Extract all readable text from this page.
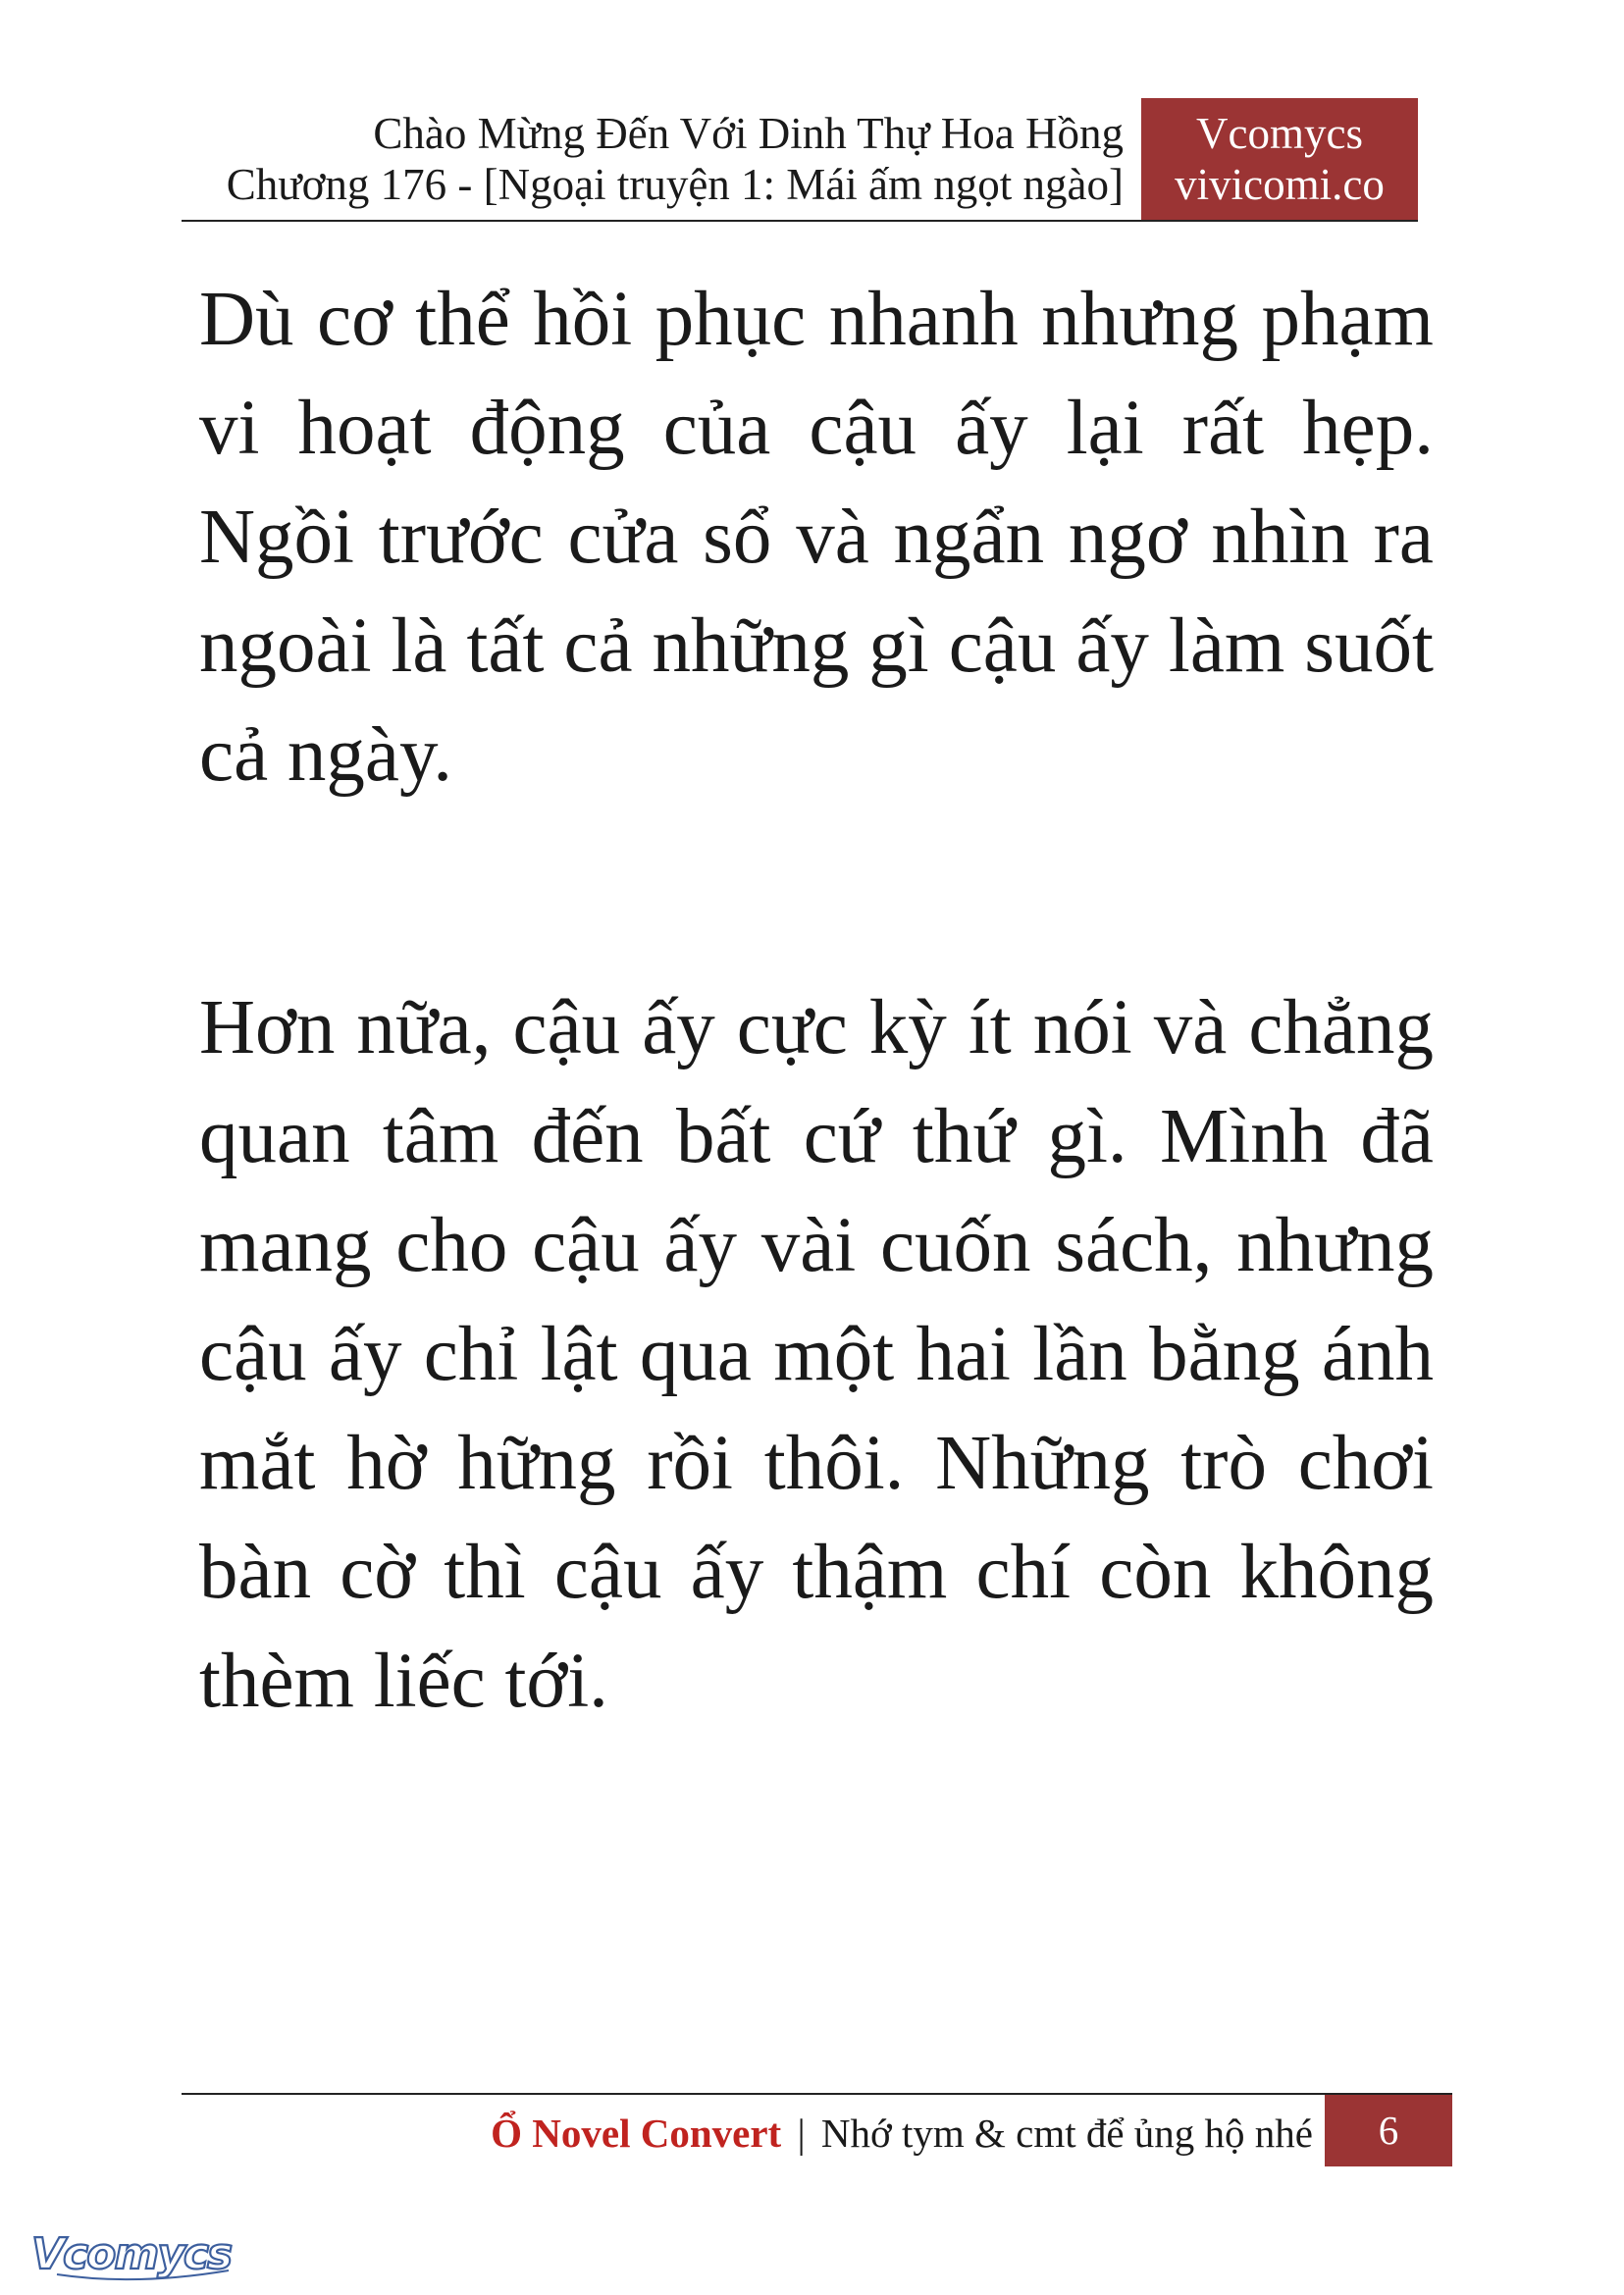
Chào Mừng Đến Với Dinh Thự Hoa Hồng
Chương 176 - [Ngoại truyện 1: Mái ấm ngọt ngào]
Vcomycs
vivicomi.co

Dù cơ thể hồi phục nhanh nhưng phạm vi hoạt động của cậu ấy lại rất hẹp. Ngồi trước cửa sổ và ngẩn ngơ nhìn ra ngoài là tất cả những gì cậu ấy làm suốt cả ngày.

Hơn nữa, cậu ấy cực kỳ ít nói và chẳng quan tâm đến bất cứ thứ gì. Mình đã mang cho cậu ấy vài cuốn sách, nhưng cậu ấy chỉ lật qua một hai lần bằng ánh mắt hờ hững rồi thôi. Những trò chơi bàn cờ thì cậu ấy thậm chí còn không thèm liếc tới.

Ổ Novel Convert | Nhớ tym & cmt để ủng hộ nhé	6
Vcomycs
